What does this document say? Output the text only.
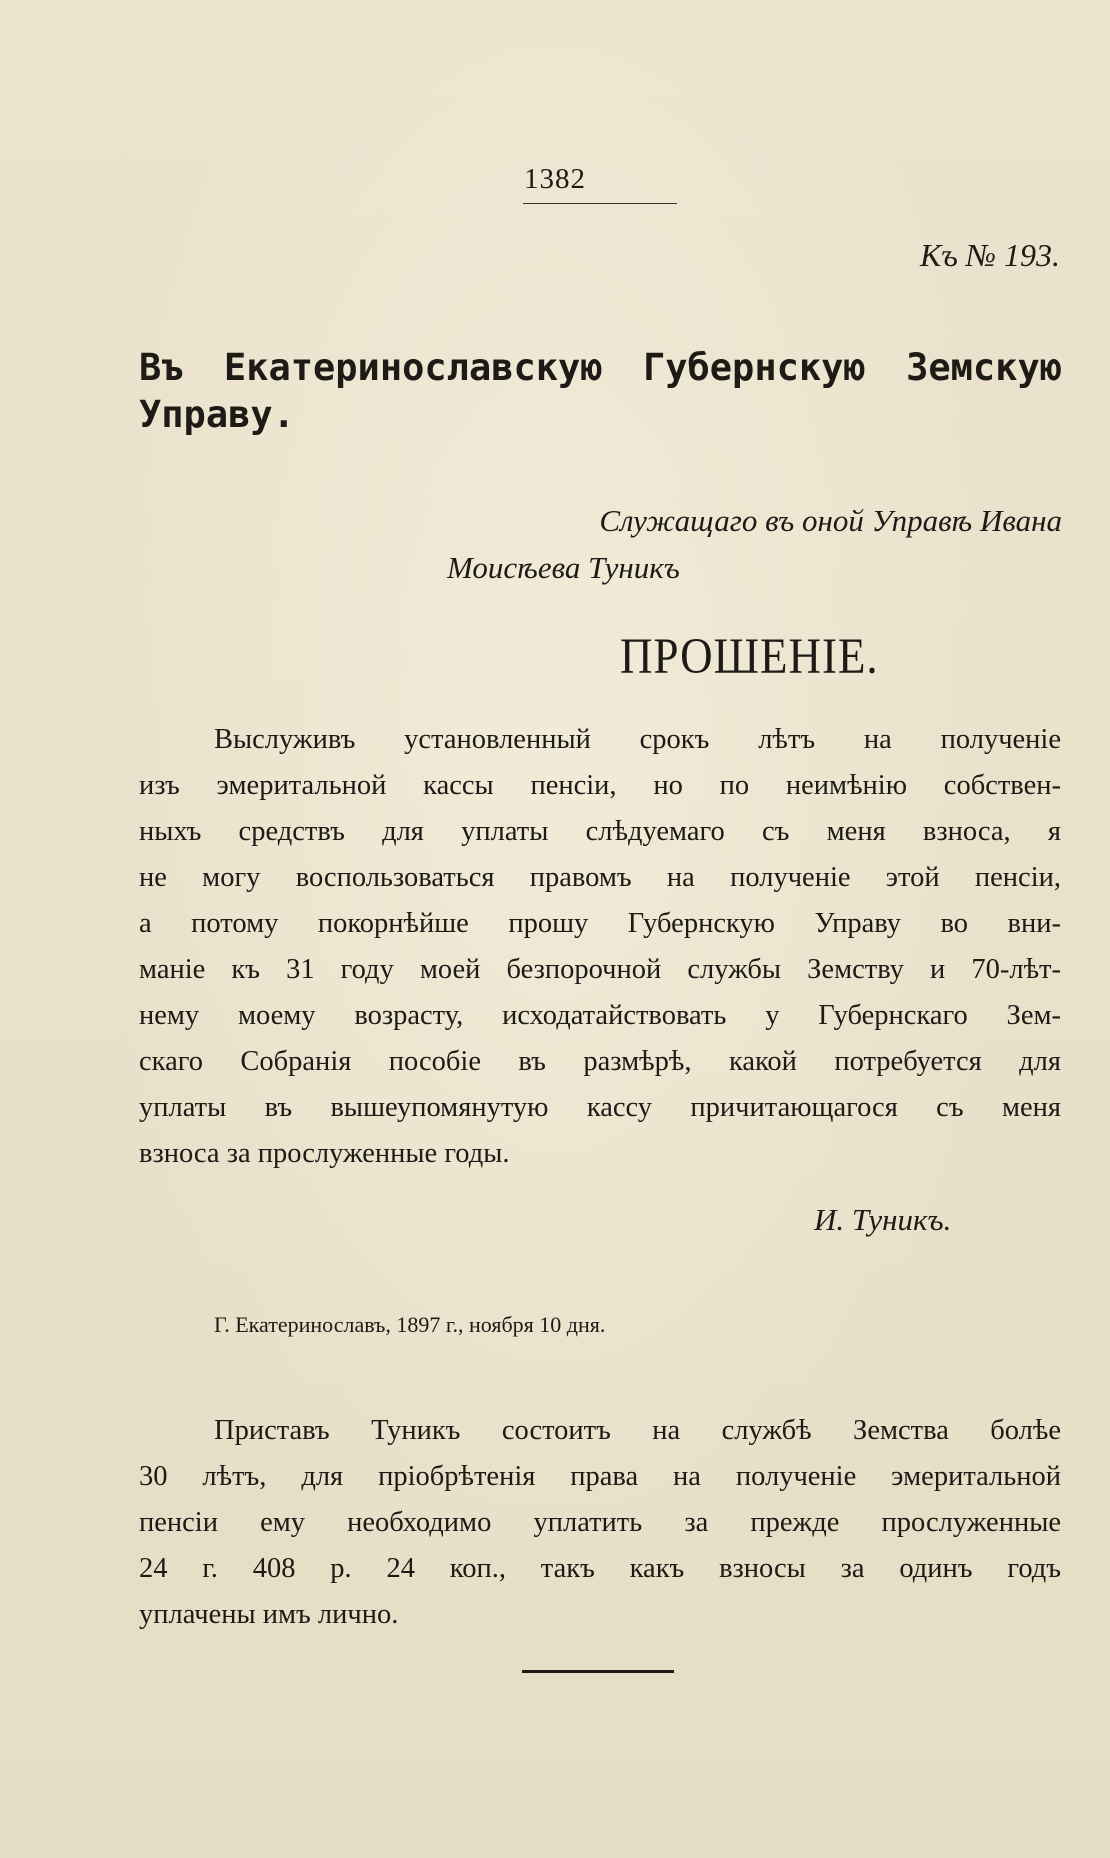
1382

Къ № 193.

Въ Екатеринославскую Губернскую Земскую Управу.

Служащаго въ оной Управѣ Ивана

Моисѣева Туникъ

ПРОШЕНІЕ.

Выслуживъ установленный срокъ лѣтъ на полученіе
изъ эмеритальной кассы пенсіи, но по неимѣнію собствен-
ныхъ средствъ для уплаты слѣдуемаго съ меня взноса, я
не могу воспользоваться правомъ на полученіе этой пенсіи,
а потому покорнѣйше прошу Губернскую Управу во вни-
маніе къ 31 году моей безпорочной службы Земству и 70-лѣт-
нему моему возрасту, исходатайствовать у Губернскаго Зем-
скаго Собранія пособіе въ размѣрѣ, какой потребуется для
уплаты въ вышеупомянутую кассу причитающагося съ меня
взноса за прослуженные годы.

И. Туникъ.

Г. Екатеринославъ, 1897 г., ноября 10 дня.

Приставъ Туникъ состоитъ на службѣ Земства болѣе
30 лѣтъ, для пріобрѣтенія права на полученіе эмеритальной
пенсіи ему необходимо уплатить за прежде прослуженные
24 г. 408 р. 24 коп., такъ какъ взносы за одинъ годъ
уплачены имъ лично.
